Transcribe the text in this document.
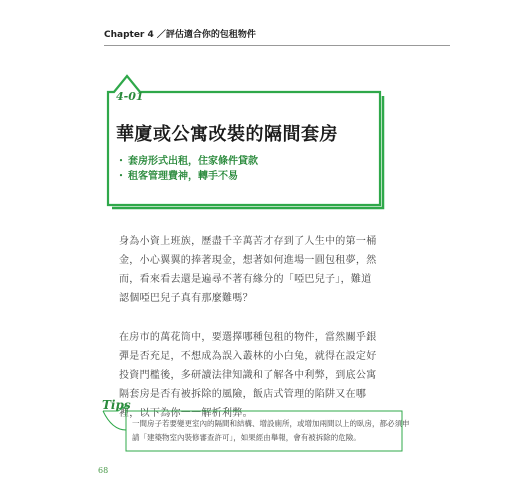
Chapter 4 ／評估適合你的包租物件
4-01
華廈或公寓改裝的隔間套房
・ 套房形式出租，住家條件貸款
・ 租客管理費神，轉手不易

身為小資上班族，歷盡千辛萬苦才存到了人生中的第一桶金，小心翼翼的捧著現金，想著如何進場一圓包租夢，然而，看來看去還是遍尋不著有緣分的「啞巴兒子」，難道認個啞巴兒子真有那麼難嗎？

在房市的萬花筒中，要選擇哪種包租的物件，當然關乎銀彈是否充足，不想成為誤入叢林的小白兔，就得在設定好投資門檻後，多研讀法律知識和了解各中利弊，到底公寓隔套房是否有被拆除的風險，飯店式管理的陷阱又在哪裡，以下為你一一解析利弊。

Tips
一間房子若要變更室內的隔間和結構、增設廁所，或增加兩間以上的臥房，都必須申請「建築物室內裝修審查許可」，如果經由舉報，會有被拆除的危險。
68
